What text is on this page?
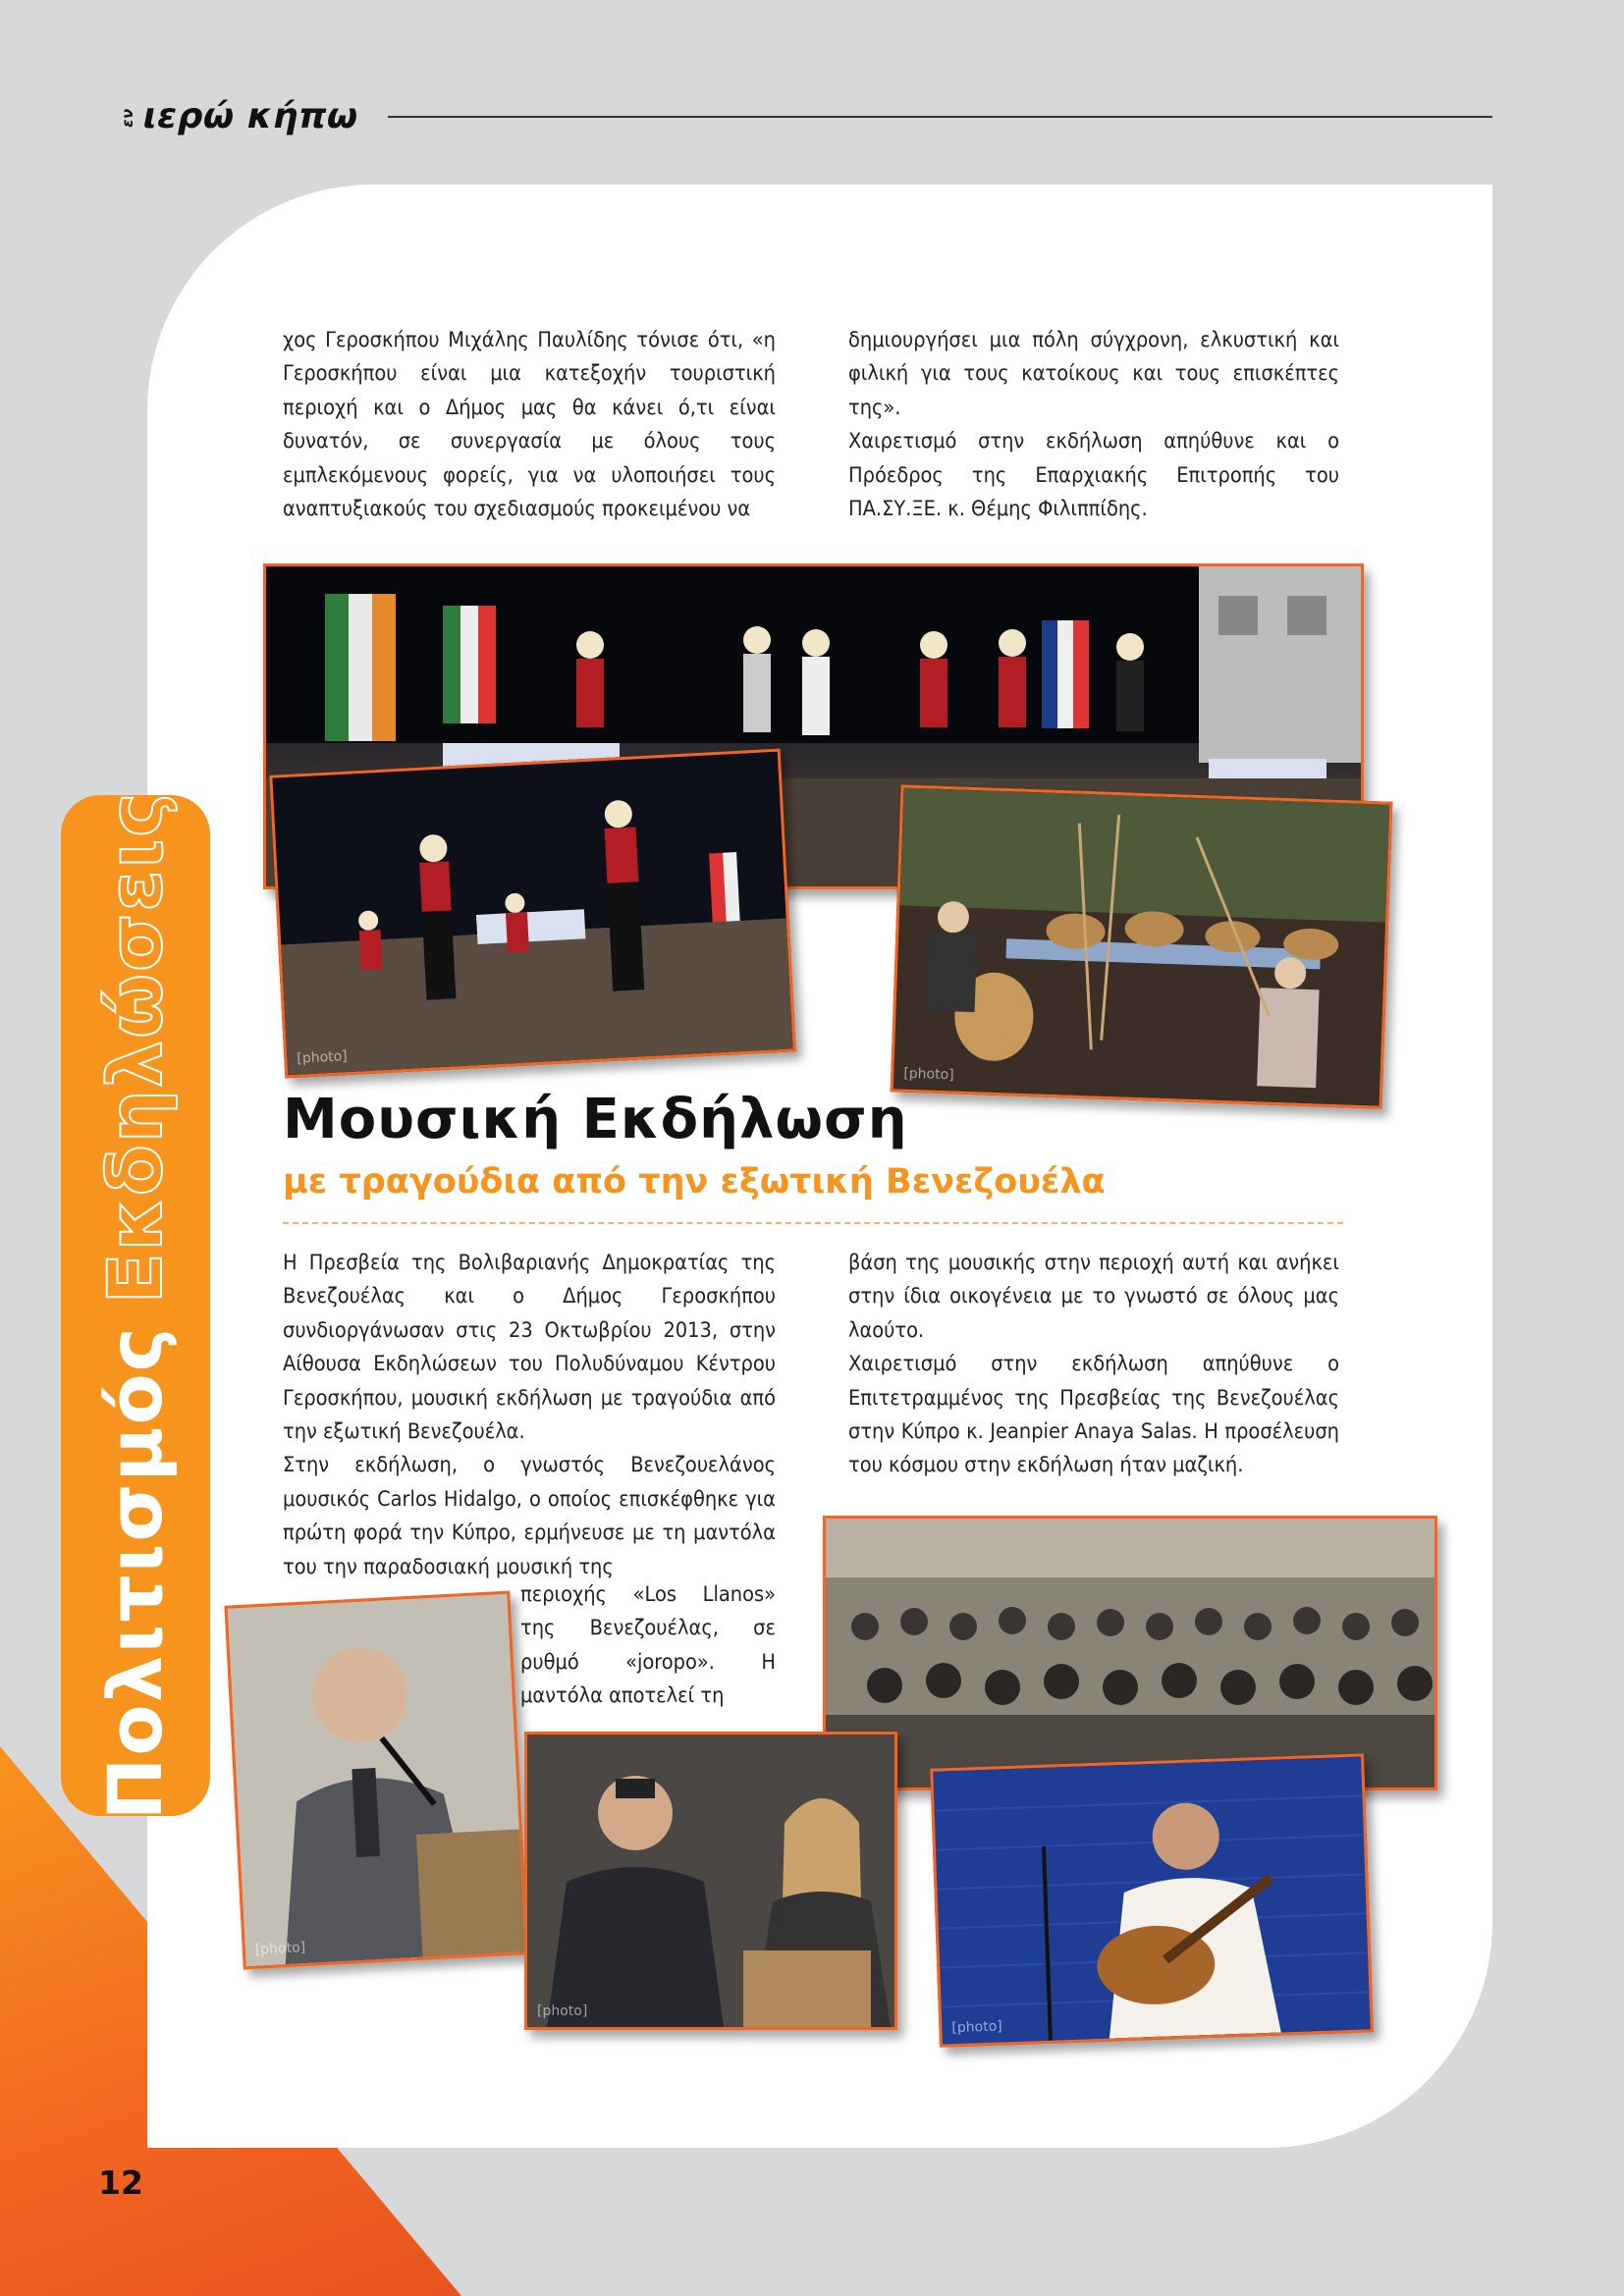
εν ιερώ κήπω
Πολιτισμός
Εκδηλώσεις

χος Γεροσκήπου Μιχάλης Παυλίδης τόνισε ότι, «η Γεροσκήπου είναι μια κατεξοχήν τουριστική περιοχή και ο Δήμος μας θα κάνει ό,τι είναι δυνατόν, σε συνεργασία με όλους τους εμπλεκόμενους φορείς, για να υλοποιήσει τους αναπτυξιακούς του σχεδιασμούς προκειμένου να

δημιουργήσει μια πόλη σύγχρονη, ελκυστική και φιλική για τους κατοίκους και τους επισκέπτες της».

Χαιρετισμό στην εκδήλωση απηύθυνε και ο Πρόεδρος της Επαρχιακής Επιτροπής του ΠΑ.ΣΥ.ΞΕ. κ. Θέμης Φιλιππίδης.

[photo]
[photo]
Μουσική Εκδήλωση
με τραγούδια από την εξωτική Βενεζουέλα

Η Πρεσβεία της Βολιβαριανής Δημοκρατίας της Βενεζουέλας και ο Δήμος Γεροσκήπου συνδιοργάνωσαν στις 23 Οκτωβρίου 2013, στην Αίθουσα Εκδηλώσεων του Πολυδύναμου Κέντρου Γεροσκήπου, μουσική εκδήλωση με τραγούδια από την εξωτική Βενεζουέλα.

Στην εκδήλωση, ο γνωστός Βενεζουελάνος μουσικός Carlos Hidalgo, ο οποίος επισκέφθηκε για πρώτη φορά την Κύπρο, ερμήνευσε με τη μαντόλα του την παραδοσιακή μουσική της

περιοχής «Los Llanos» της Βενεζουέλας, σε ρυθμό «joropo». Η μαντόλα αποτελεί τη

βάση της μουσικής στην περιοχή αυτή και ανήκει στην ίδια οικογένεια με το γνωστό σε όλους μας λαούτο.

Χαιρετισμό στην εκδήλωση απηύθυνε ο Επιτετραμμένος της Πρεσβείας της Βενεζουέλας στην Κύπρο κ. Jeanpier Anaya Salas. Η προσέλευση του κόσμου στην εκδήλωση ήταν μαζική.

[photo]
[photo]
[photo]
12
